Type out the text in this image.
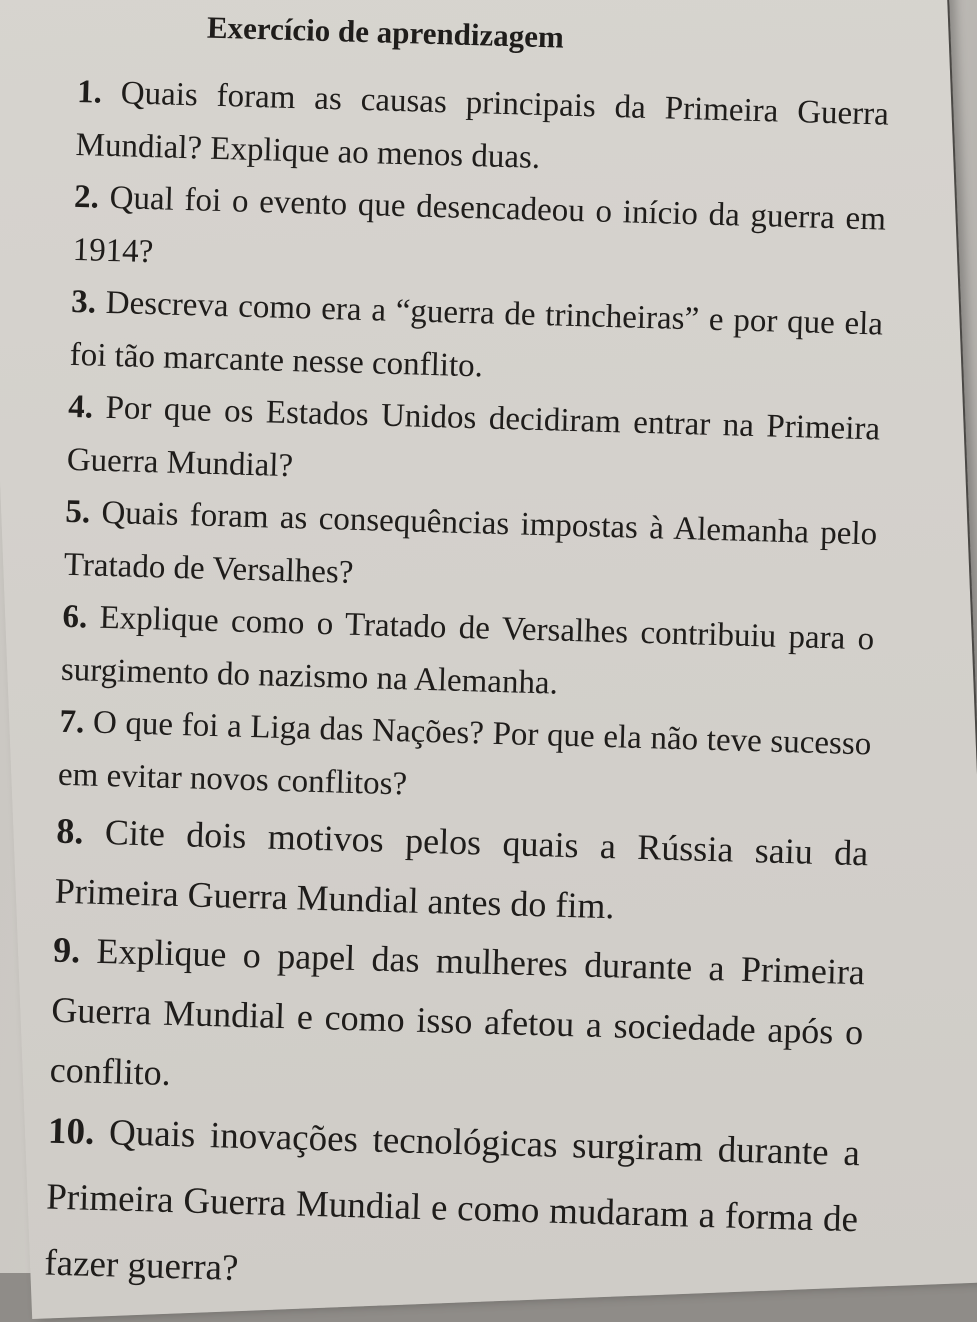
Exercício de aprendizagem
1. Quais foram as causas principais da Primeira Guerra Mundial? Explique ao menos duas.
2. Qual foi o evento que desencadeou o início da guerra em 1914?
3. Descreva como era a “guerra de trincheiras” e por que ela foi tão marcante nesse conflito.
4. Por que os Estados Unidos decidiram entrar na Primeira Guerra Mundial?
5. Quais foram as consequências impostas à Alemanha pelo Tratado de Versalhes?
6. Explique como o Tratado de Versalhes contribuiu para o surgimento do nazismo na Alemanha.
7. O que foi a Liga das Nações? Por que ela não teve sucesso em evitar novos conflitos?
8. Cite dois motivos pelos quais a Rússia saiu da Primeira Guerra Mundial antes do fim.
9. Explique o papel das mulheres durante a Primeira Guerra Mundial e como isso afetou a sociedade após o conflito.
10. Quais inovações tecnológicas surgiram durante a Primeira Guerra Mundial e como mudaram a forma de fazer guerra?
